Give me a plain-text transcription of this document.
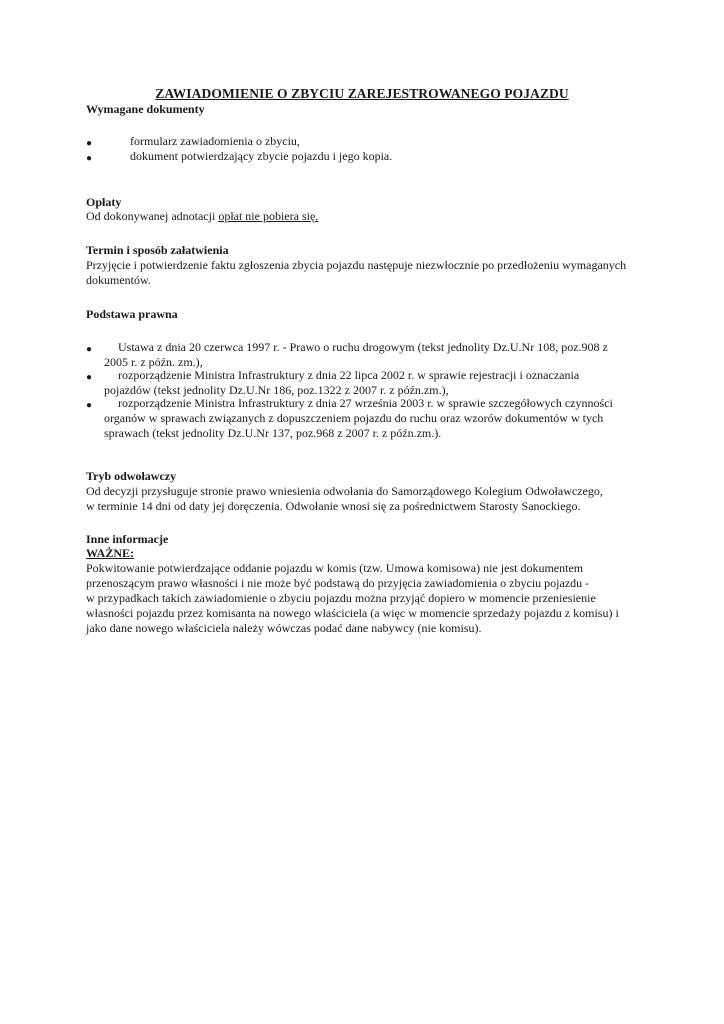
ZAWIADOMIENIE O ZBYCIU ZAREJESTROWANEGO POJAZDU
Wymagane dokumenty
●	formularz zawiadomienia o zbyciu,
●	dokument potwierdzający zbycie pojazdu i jego kopia.
Opłaty
Od dokonywanej adnotacji opłat nie pobiera się.
Termin i sposób załatwienia
Przyjęcie i potwierdzenie faktu zgłoszenia zbycia pojazdu następuje niezwłocznie po przedłożeniu wymaganych
dokumentów.
Podstawa prawna
●	Ustawa z dnia 20 czerwca 1997 r. - Prawo o ruchu drogowym (tekst jednolity Dz.U.Nr 108, poz.908 z
2005 r. z późn. zm.),
●	rozporządzenie Ministra Infrastruktury z dnia 22 lipca 2002 r. w sprawie rejestracji i oznaczania
pojazdów (tekst jednolity Dz.U.Nr 186, poz.1322 z 2007 r. z późn.zm.),
●	rozporządzenie Ministra Infrastruktury z dnia 27 września 2003 r. w sprawie szczegółowych czynności
organów w sprawach związanych z dopuszczeniem pojazdu do ruchu oraz wzorów dokumentów w tych
sprawach (tekst jednolity Dz.U.Nr 137, poz.968 z 2007 r. z późn.zm.).
Tryb odwoławczy
Od decyzji przysługuje stronie prawo wniesienia odwołania do Samorządowego Kolegium Odwoławczego,
w terminie 14 dni od daty jej doręczenia. Odwołanie wnosi się za pośrednictwem Starosty Sanockiego.
Inne informacje
WAŻNE:
Pokwitowanie potwierdzające oddanie pojazdu w komis (tzw. Umowa komisowa) nie jest dokumentem
przenoszącym prawo własności i nie może być podstawą do przyjęcia zawiadomienia o zbyciu pojazdu -
w przypadkach takich zawiadomienie o zbyciu pojazdu można przyjąć dopiero w momencie przeniesienie
własności pojazdu przez komisanta na nowego właściciela (a więc w momencie sprzedaży pojazdu z komisu) i
jako dane nowego właściciela należy wówczas podać dane nabywcy (nie komisu).
